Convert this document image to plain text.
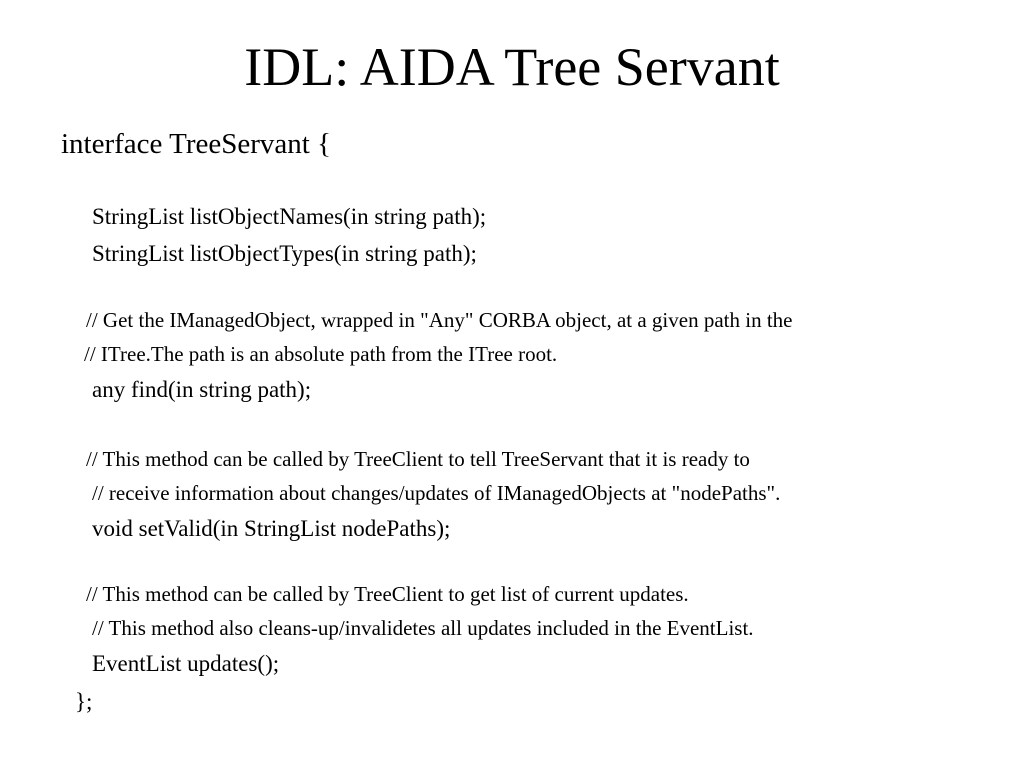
IDL: AIDA Tree Servant
interface TreeServant {
StringList listObjectNames(in string path);
StringList listObjectTypes(in string path);
// Get the IManagedObject, wrapped in "Any" CORBA object, at a given path in the
// ITree.The path is an absolute path from the ITree root.
any find(in string path);
// This method can be called by TreeClient to tell TreeServant that it is ready to
// receive information about changes/updates of IManagedObjects at "nodePaths".
void setValid(in StringList nodePaths);
// This method can be called by TreeClient to get list of current updates.
// This method also cleans-up/invalidetes all updates included in the EventList.
EventList updates();
};
